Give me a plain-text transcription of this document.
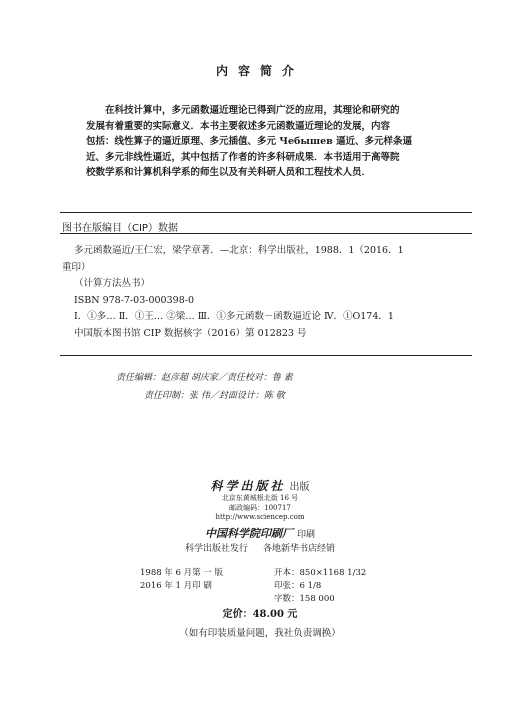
内容简介
在科技计算中，多元函数逼近理论已得到广泛的应用，其理论和研究的
发展有着重要的实际意义．本书主要叙述多元函数逼近理论的发展，内容
包括：线性算子的逼近原理、多元插值、多元 Чебышев 逼近、多元样条逼
近、多元非线性逼近，其中包括了作者的许多科研成果．本书适用于高等院
校数学系和计算机科学系的师生以及有关科研人员和工程技术人员．
图书在版编目（CIP）数据
多元函数逼近/王仁宏，梁学章著．—北京：科学出版社，1988．1（2016．1
重印）
（计算方法丛书）
ISBN 978-7-03-000398-0
Ⅰ．①多… Ⅱ．①王… ②梁… Ⅲ．①多元函数－函数逼近论 Ⅳ．①O174．1
中国版本图书馆 CIP 数据核字（2016）第 012823 号
责任编辑：赵彦超 胡庆家／责任校对：鲁 素
责任印制：张 伟／封面设计：陈 敬
科学出版社 出版
北京东黄城根北街 16 号
邮政编码：100717
http://www.sciencep.com
中国科学院印刷厂 印刷
科学出版社发行 各地新华书店经销
1988 年 6 月第 一 版	开本：850×1168 1/32
2016 年 1 月印 刷	印张：6 1/8
字数：158 000
定价：48.00 元
（如有印装质量问题，我社负责调换）
